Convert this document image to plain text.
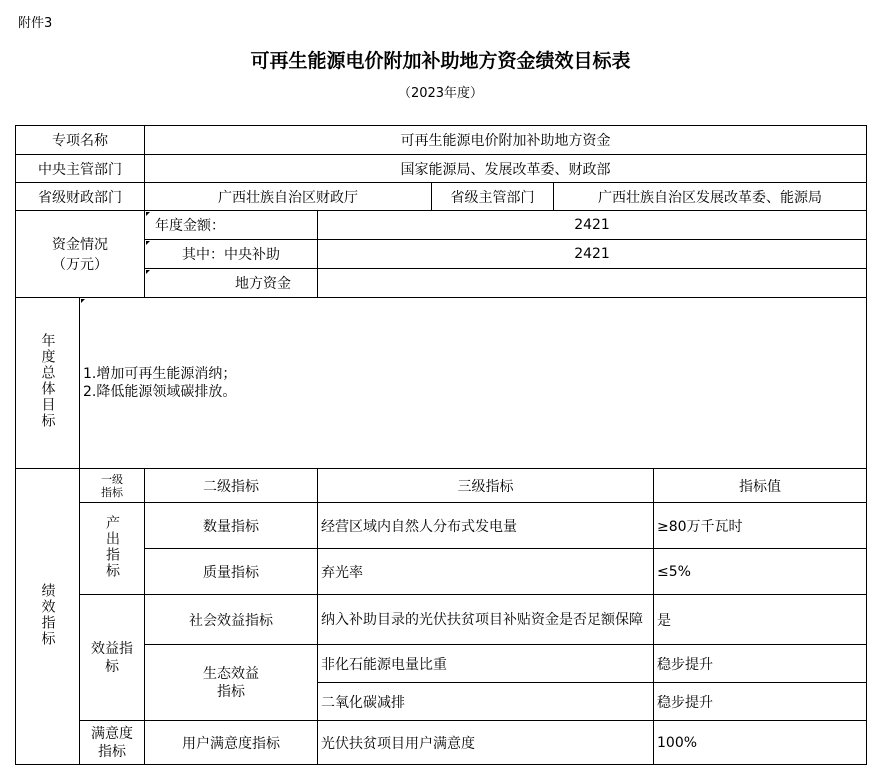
附件3
可再生能源电价附加补助地方资金绩效目标表
（2023年度）
专项名称		可再生能源电价附加补助地方资金				
中央主管部门		国家能源局、发展改革委、财政部				
省级财政部门		广西壮族自治区财政厅		省级主管部门	广西壮族自治区发展改革委、能源局	

资金情况
（万元）		年度金额：	2421			
		其中：中央补助	2421			
		地方资金				
年度总体目标	1.增加可再生能源消纳；
2.降低能源领域碳排放。					

绩效指标	一级指标	二级指标	三级指标			指标值
	产出指标	数量指标	经营区域内自然人分布式发电量			≥80万千瓦时
		质量指标	弃光率			≤5%

	效益指标	社会效益指标	纳入补助目录的光伏扶贫项目补贴资金是否足额保障			是

		生态效益指标	非化石能源电量比重			稳步提升
			二氧化碳减排			稳步提升

	满意度指标	用户满意度指标	光伏扶贫项目用户满意度			100%
